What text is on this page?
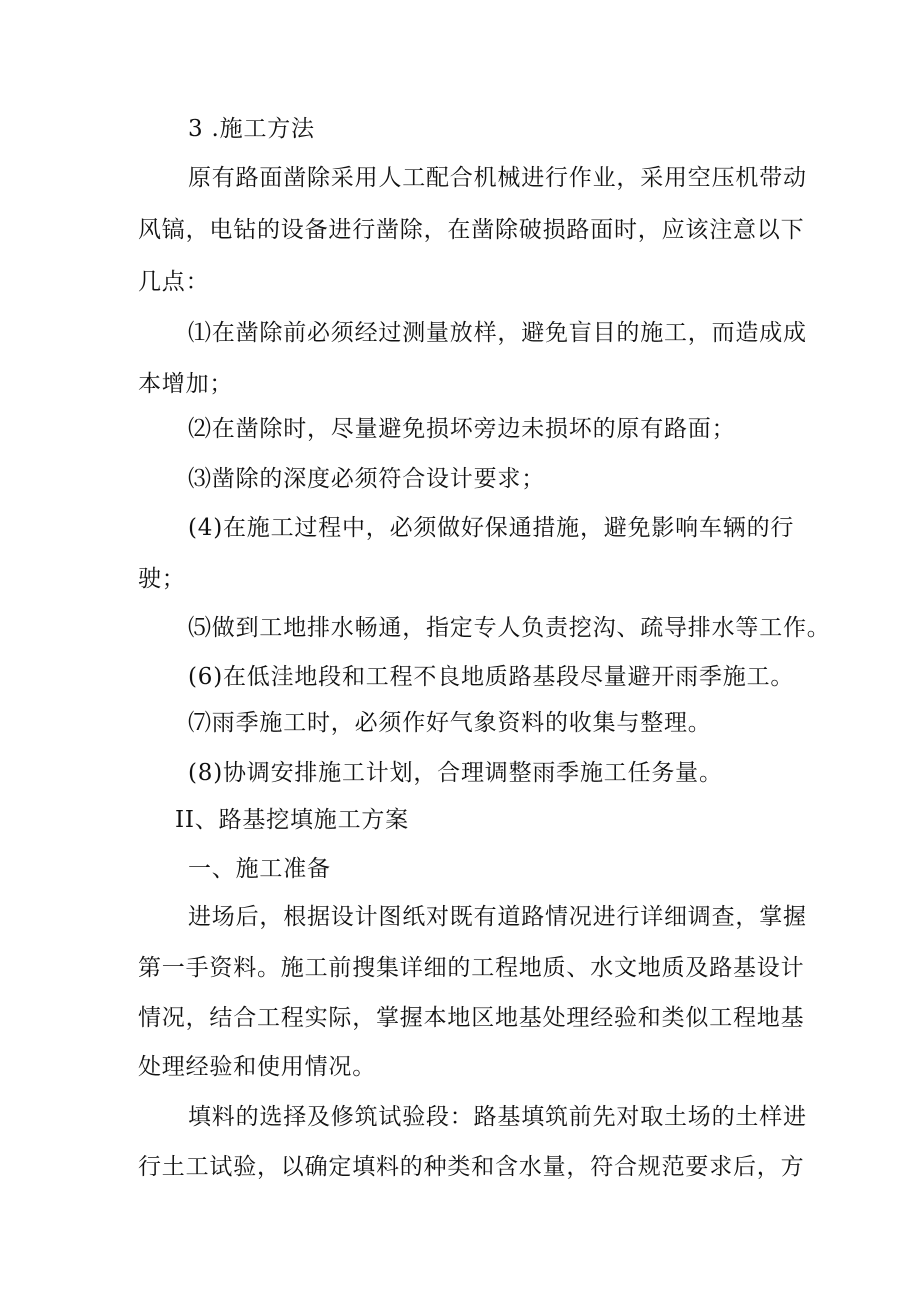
3 .施工方法
原有路面凿除采用人工配合机械进行作业，采用空压机带动
风镐，电钻的设备进行凿除，在凿除破损路面时，应该注意以下
几点：
⑴在凿除前必须经过测量放样，避免盲目的施工，而造成成
本增加；
⑵在凿除时，尽量避免损坏旁边未损坏的原有路面；
⑶凿除的深度必须符合设计要求；
(4)在施工过程中，必须做好保通措施，避免影响车辆的行
驶；
⑸做到工地排水畅通，指定专人负责挖沟、疏导排水等工作。
(6)在低洼地段和工程不良地质路基段尽量避开雨季施工。
⑺雨季施工时，必须作好气象资料的收集与整理。
(8)协调安排施工计划，合理调整雨季施工任务量。
II、路基挖填施工方案
一、施工准备
进场后，根据设计图纸对既有道路情况进行详细调查，掌握
第一手资料。施工前搜集详细的工程地质、水文地质及路基设计
情况，结合工程实际，掌握本地区地基处理经验和类似工程地基
处理经验和使用情况。
填料的选择及修筑试验段：路基填筑前先对取土场的土样进
行土工试验，以确定填料的种类和含水量，符合规范要求后，方
